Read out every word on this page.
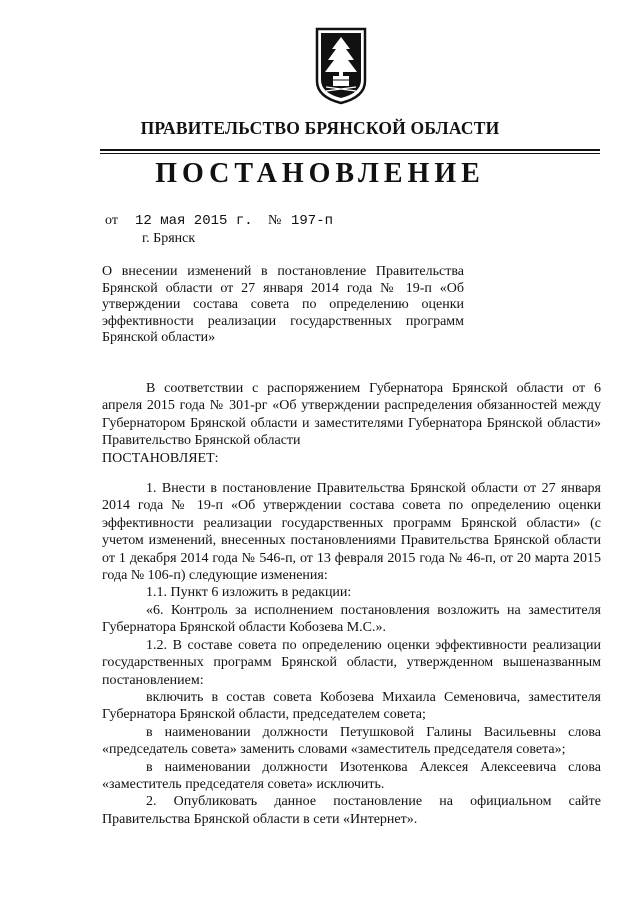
ПРАВИТЕЛЬСТВО БРЯНСКОЙ ОБЛАСТИ
ПОСТАНОВЛЕНИЕ
от 12 мая 2015 г. № 197-п
г. Брянск
О внесении изменений в постановление Правительства Брянской области от 27 января 2014 года № 19-п «Об утверждении состава совета по определению оценки эффективности реализации государственных программ Брянской области»

В соответствии с распоряжением Губернатора Брянской области от 6 апреля 2015 года № 301-рг «Об утверждении распределения обязанностей между Губернатором Брянской области и заместителями Губернатора Брянской области» Правительство Брянской области

ПОСТАНОВЛЯЕТ:

1. Внести в постановление Правительства Брянской области от 27 января 2014 года № 19-п «Об утверждении состава совета по определению оценки эффективности реализации государственных программ Брянской области» (с учетом изменений, внесенных постановлениями Правительства Брянской области от 1 декабря 2014 года № 546-п, от 13 февраля 2015 года № 46-п, от 20 марта 2015 года № 106-п) следующие изменения:

1.1. Пункт 6 изложить в редакции:

«6. Контроль за исполнением постановления возложить на заместителя Губернатора Брянской области Кобозева М.С.».

1.2. В составе совета по определению оценки эффективности реализации государственных программ Брянской области, утвержденном вышеназванным постановлением:

включить в состав совета Кобозева Михаила Семеновича, заместителя Губернатора Брянской области, председателем совета;

в наименовании должности Петушковой Галины Васильевны слова «председатель совета» заменить словами «заместитель председателя совета»;

в наименовании должности Изотенкова Алексея Алексеевича слова «заместитель председателя совета» исключить.

2. Опубликовать данное постановление на официальном сайте Правительства Брянской области в сети «Интернет».
